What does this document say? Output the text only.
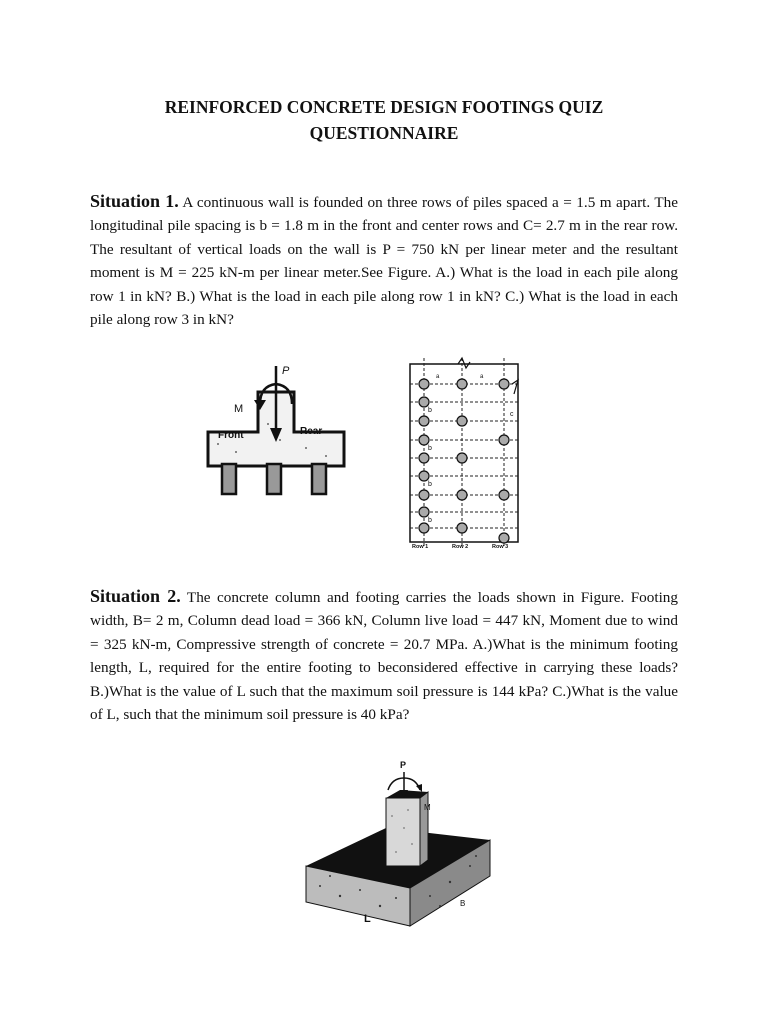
REINFORCED CONCRETE DESIGN FOOTINGS QUIZ
QUESTIONNAIRE

Situation 1. A continuous wall is founded on three rows of piles spaced a = 1.5 m apart. The longitudinal pile spacing is b = 1.8 m in the front and center rows and C= 2.7 m in the rear row. The resultant of vertical loads on the wall is P = 750 kN per linear meter and the resultant moment is M = 225 kN-m per linear meter.See Figure. A.) What is the load in each pile along row 1 in kN? B.) What is the load in each pile along row 1 in kN? C.) What is the load in each pile along row 3 in kN?

P
M
Front	Rear
a	a
b
b
b
b
c
Row 1	Row 2	Row 3

Situation 2. The concrete column and footing carries the loads shown in Figure. Footing width, B= 2 m, Column dead load = 366 kN, Column live load = 447 kN, Moment due to wind = 325 kN-m, Compressive strength of concrete = 20.7 MPa. A.)What is the minimum footing length, L, required for the entire footing to beconsidered effective in carrying these loads? B.)What is the value of L such that the maximum soil pressure is 144 kPa? C.)What is the value of L, such that the minimum soil pressure is 40 kPa?

P
M
L
B
